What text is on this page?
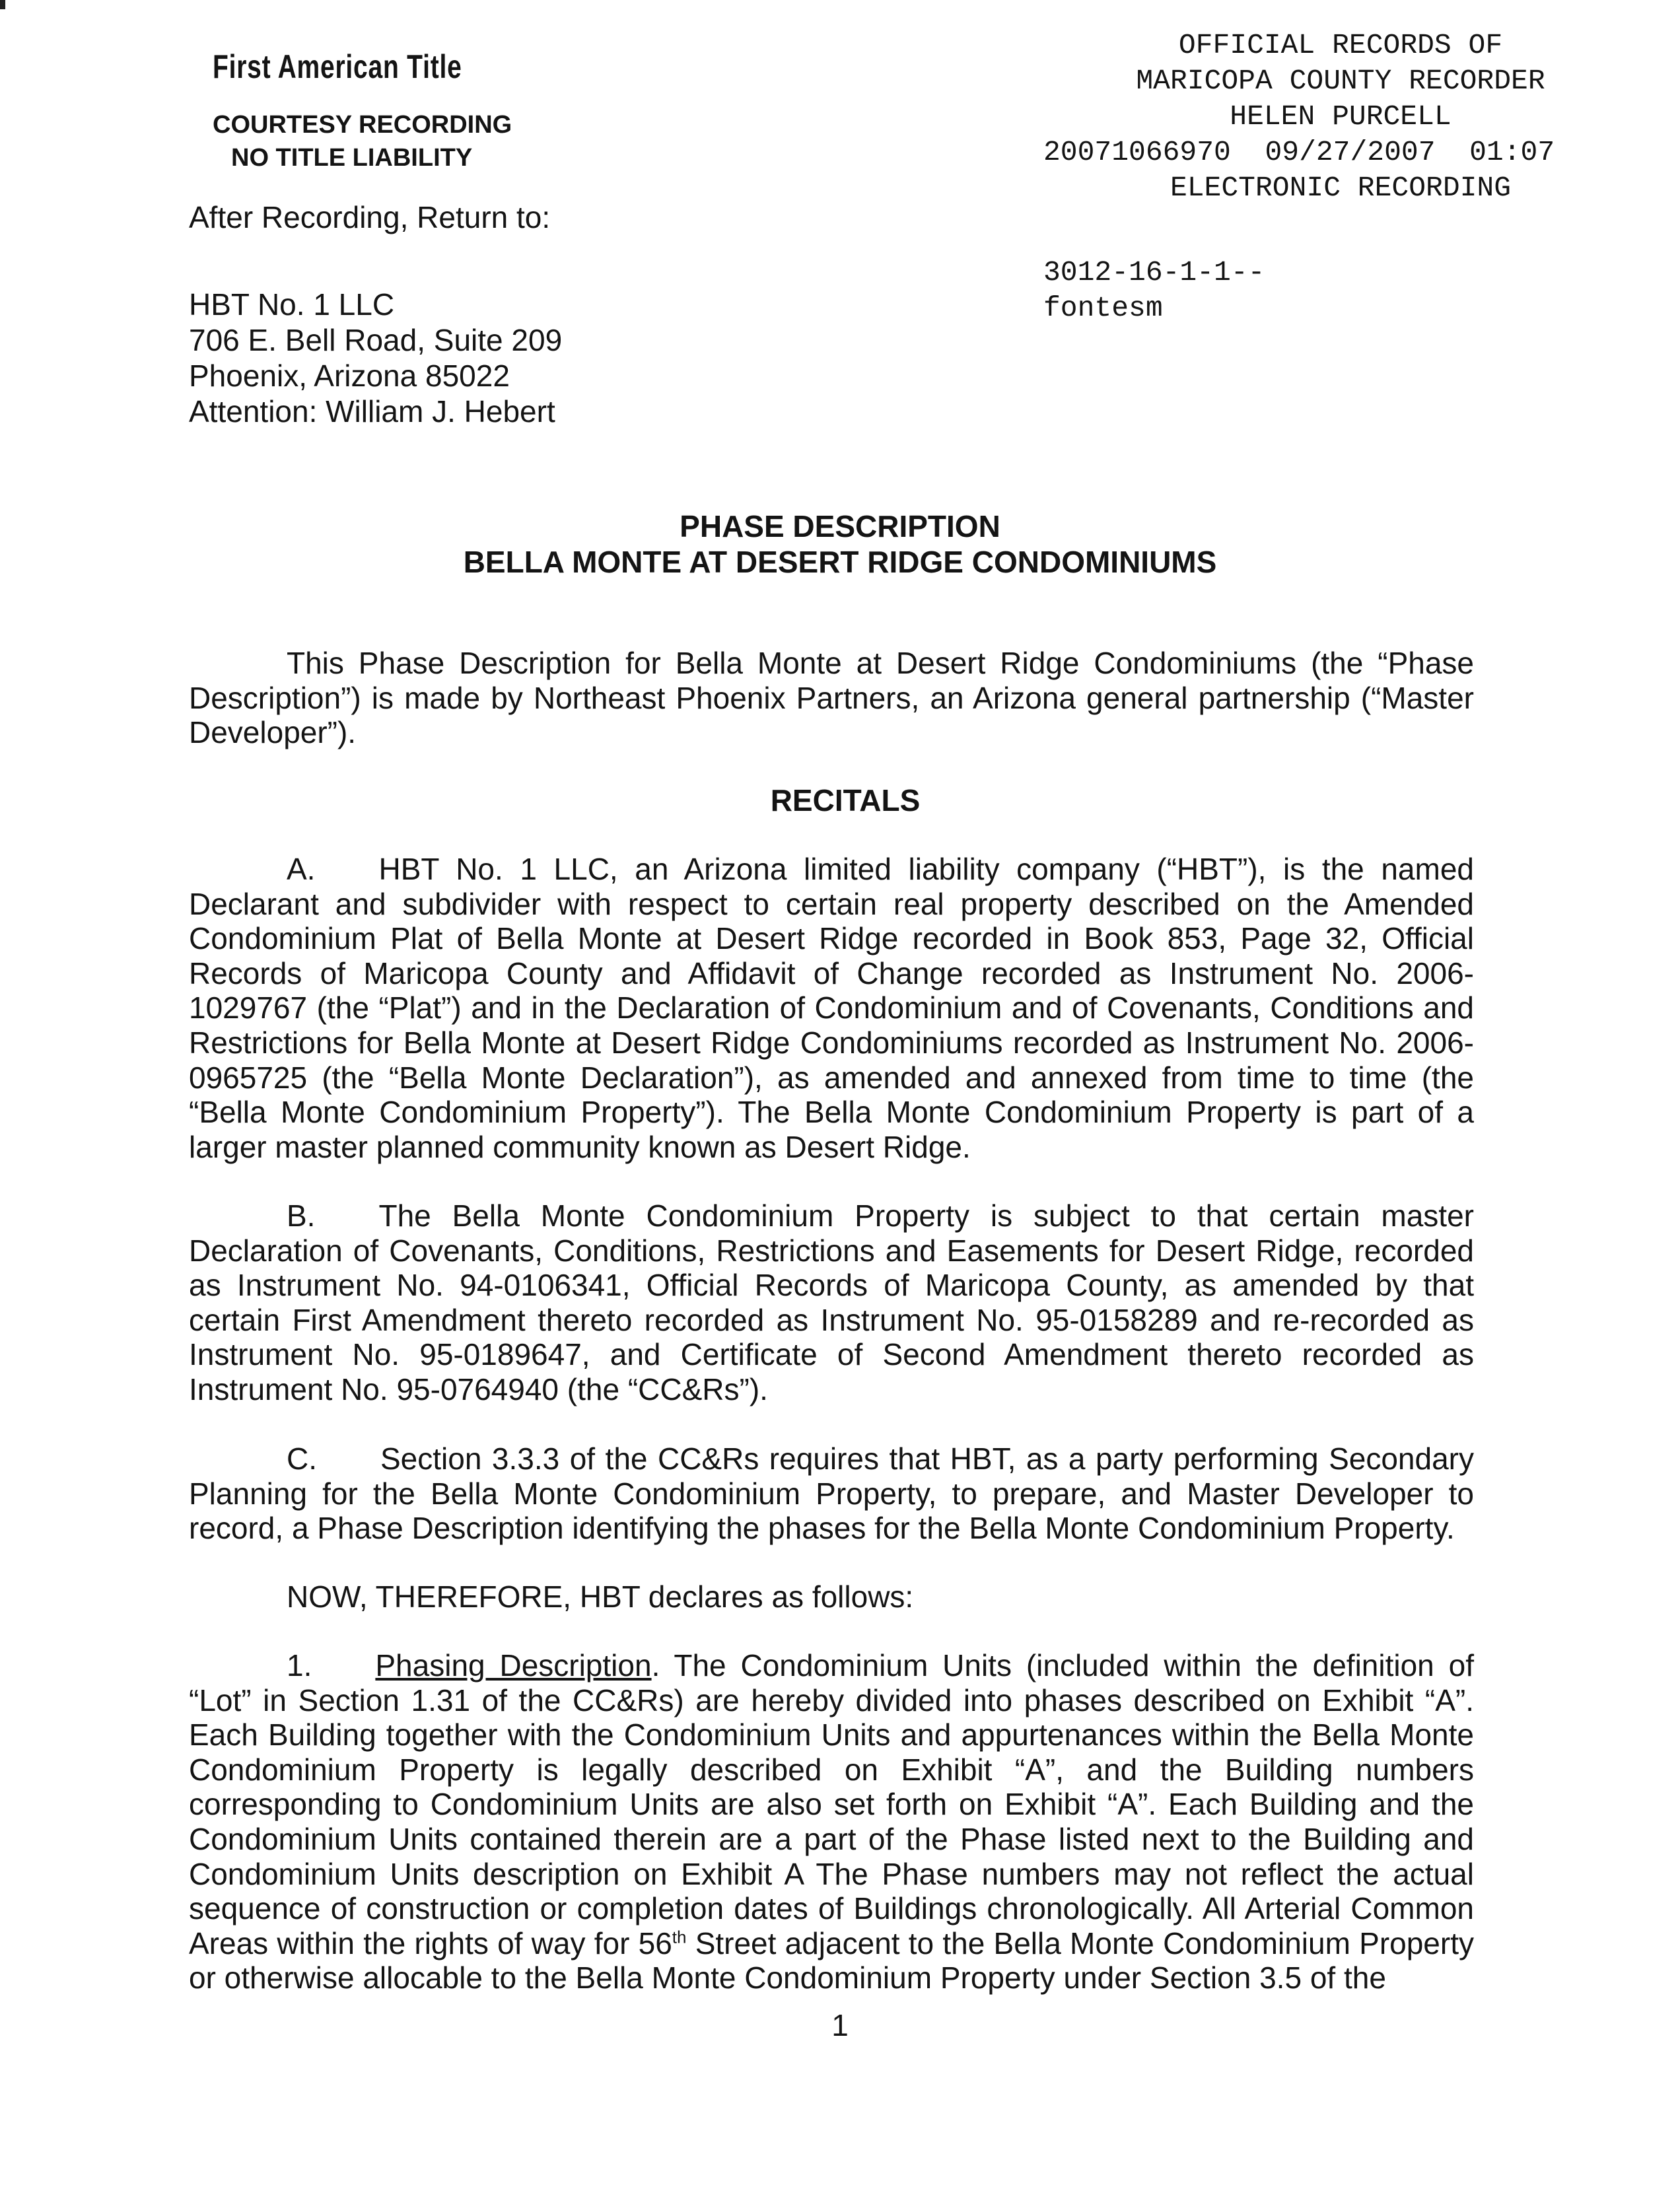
First American Title
COURTESY RECORDING
NO TITLE LIABILITY
After Recording, Return to:
HBT No. 1 LLC
706 E. Bell Road, Suite 209
Phoenix, Arizona 85022
Attention: William J. Hebert
OFFICIAL RECORDS OF
MARICOPA COUNTY RECORDER
HELEN PURCELL
20071066970  09/27/2007  01:07
ELECTRONIC RECORDING
3012-16-1-1--
fontesm
PHASE DESCRIPTION
BELLA MONTE AT DESERT RIDGE CONDOMINIUMS
This Phase Description for Bella Monte at Desert Ridge Condominiums (the “Phase Description”) is made by Northeast Phoenix Partners, an Arizona general partnership (“Master Developer”).
RECITALS
A. HBT No. 1 LLC, an Arizona limited liability company (“HBT”), is the named Declarant and subdivider with respect to certain real property described on the Amended Condominium Plat of Bella Monte at Desert Ridge recorded in Book 853, Page 32, Official Records of Maricopa County and Affidavit of Change recorded as Instrument No. 2006-1029767 (the “Plat”) and in the Declaration of Condominium and of Covenants, Conditions and Restrictions for Bella Monte at Desert Ridge Condominiums recorded as Instrument No. 2006-0965725 (the “Bella Monte Declaration”), as amended and annexed from time to time (the “Bella Monte Condominium Property”). The Bella Monte Condominium Property is part of a larger master planned community known as Desert Ridge.
B. The Bella Monte Condominium Property is subject to that certain master Declaration of Covenants, Conditions, Restrictions and Easements for Desert Ridge, recorded as Instrument No. 94-0106341, Official Records of Maricopa County, as amended by that certain First Amendment thereto recorded as Instrument No. 95-0158289 and re-recorded as Instrument No. 95-0189647, and Certificate of Second Amendment thereto recorded as Instrument No. 95-0764940 (the “CC&Rs”).
C. Section 3.3.3 of the CC&Rs requires that HBT, as a party performing Secondary Planning for the Bella Monte Condominium Property, to prepare, and Master Developer to record, a Phase Description identifying the phases for the Bella Monte Condominium Property.
NOW, THEREFORE, HBT declares as follows:
1. Phasing Description. The Condominium Units (included within the definition of “Lot” in Section 1.31 of the CC&Rs) are hereby divided into phases described on Exhibit “A”. Each Building together with the Condominium Units and appurtenances within the Bella Monte Condominium Property is legally described on Exhibit “A”, and the Building numbers corresponding to Condominium Units are also set forth on Exhibit “A”. Each Building and the Condominium Units contained therein are a part of the Phase listed next to the Building and Condominium Units description on Exhibit A The Phase numbers may not reflect the actual sequence of construction or completion dates of Buildings chronologically. All Arterial Common Areas within the rights of way for 56th Street adjacent to the Bella Monte Condominium Property or otherwise allocable to the Bella Monte Condominium Property under Section 3.5 of the
1
